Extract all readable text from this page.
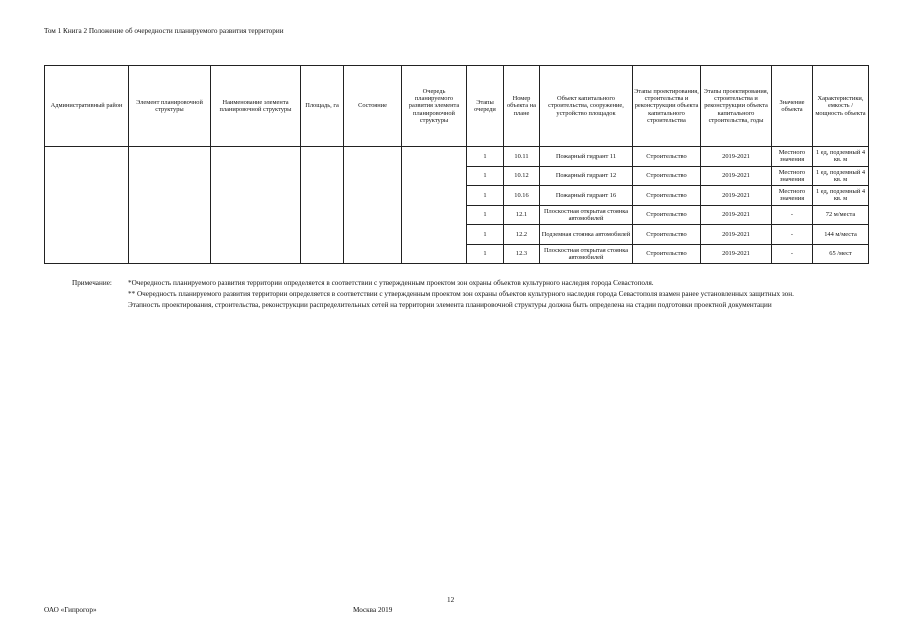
Том 1 Книга 2 Положение об очередности планируемого развития территории
Административный район	Элемент планировочной структуры	Наименование элемента планировочной структуры	Площадь, га	Состояние	Очередь планируемого развития элемента планировочной структуры	Этапы очереди	Номер объекта на плане	Объект капитального строительства, сооружение, устройство площадок	Этапы проектирования, строительства и реконструкции объекта капитального строительства	Этапы проектирования, строительства и реконструкции объекта капитального строительства, годы	Значение объекта	Характеристики, емкость / мощность объекта
						1	10.11	Пожарный гидрант 11	Строительство	2019-2021	Местного значения	1 ед, подземный 4 кв. м
						1	10.12	Пожарный гидрант 12	Строительство	2019-2021	Местного значения	1 ед, подземный 4 кв. м
						1	10.16	Пожарный гидрант 16	Строительство	2019-2021	Местного значения	1 ед, подземный 4 кв. м
						1	12.1	Плоскостная открытая стоянка автомобилей	Строительство	2019-2021	-	72 м/места
						1	12.2	Подземная стоянка автомобилей	Строительство	2019-2021	-	144 м/места
						1	12.3	Плоскостная открытая стоянка автомобилей	Строительство	2019-2021	-	65 /мест
Примечание:	*Очередность планируемого развития территории определяется в соответствии с утвержденным проектом зон охраны объектов культурного наследия города Севастополя.
** Очередность планируемого развития территории определяется в соответствии с утвержденным проектом зон охраны объектов культурного наследия города Севастополя взамен ранее установленных защитных зон.
Этапность проектирования, строительства, реконструкции распределительных сетей на территории элемента планировочной структуры должна быть определена на стадии подготовки проектной документации
12
ОАО «Гипрогор»	Москва 2019
